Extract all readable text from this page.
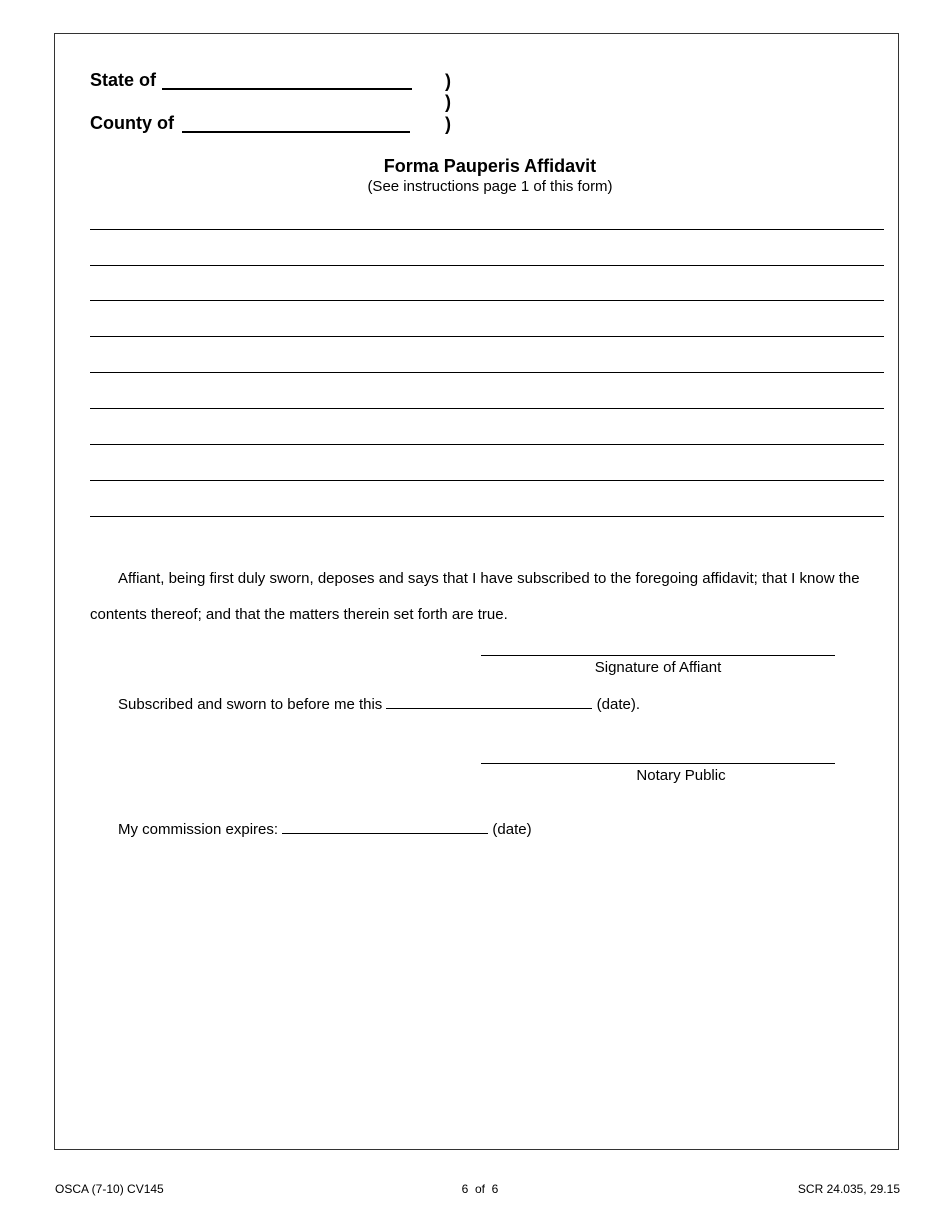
State of
County of
)
)
)
Forma Pauperis Affidavit
(See instructions page 1 of this form)
Affiant, being first duly sworn, deposes and says that I have subscribed to the foregoing affidavit; that I know the
contents thereof; and that the matters therein set forth are true.
Signature of Affiant
Subscribed and sworn to before me this	(date).
Notary Public
My commission expires:	(date)
OSCA (7-10) CV145	6  of  6	SCR 24.035, 29.15
